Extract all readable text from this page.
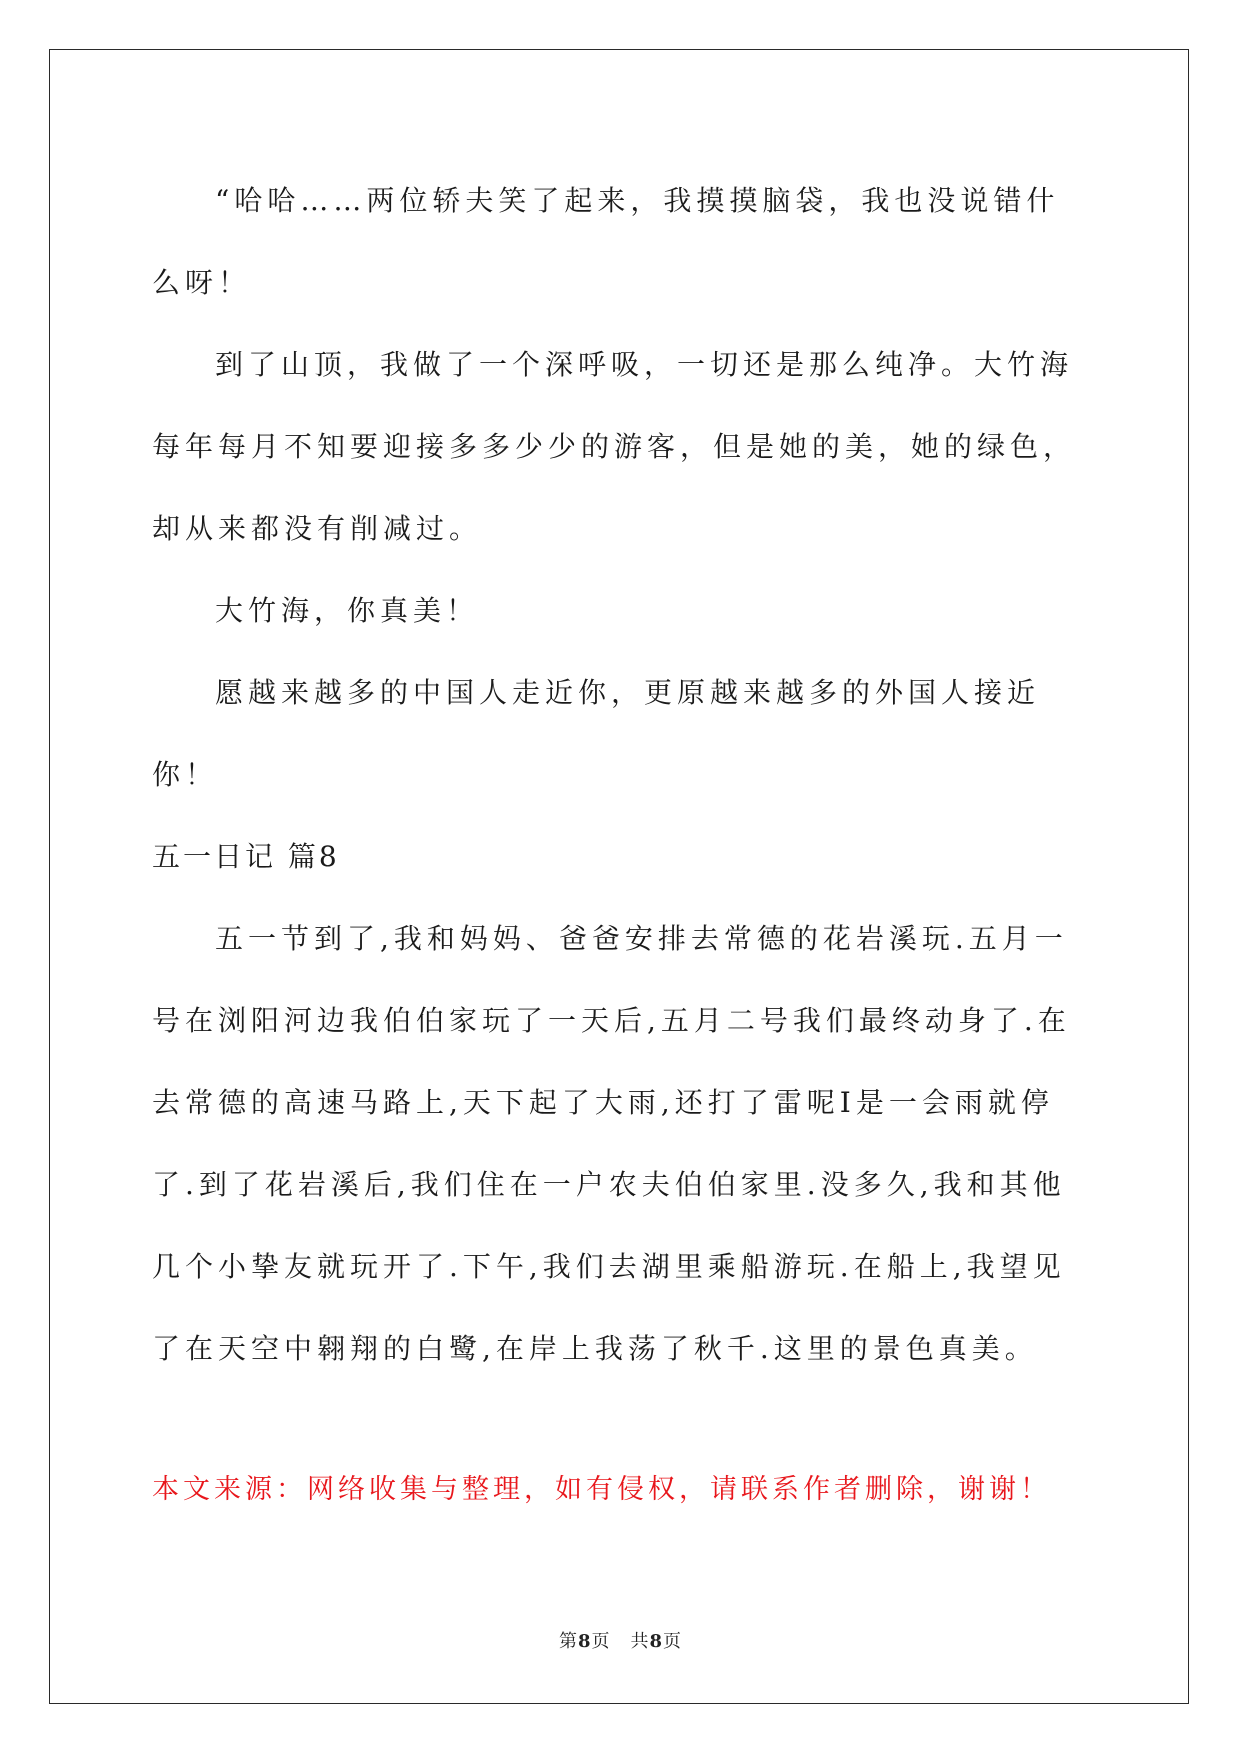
“哈哈……两位轿夫笑了起来，我摸摸脑袋，我也没说错什么呀！

到了山顶，我做了一个深呼吸，一切还是那么纯净。大竹海每年每月不知要迎接多多少少的游客，但是她的美，她的绿色，却从来都没有削减过。

大竹海，你真美！

愿越来越多的中国人走近你，更原越来越多的外国人接近你！

五一日记 篇8

五一节到了,我和妈妈、爸爸安排去常德的花岩溪玩.五月一号在浏阳河边我伯伯家玩了一天后,五月二号我们最终动身了.在去常德的高速马路上,天下起了大雨,还打了雷呢I是一会雨就停了.到了花岩溪后,我们住在一户农夫伯伯家里.没多久,我和其他几个小挚友就玩开了.下午,我们去湖里乘船游玩.在船上,我望见了在天空中翱翔的白鹭,在岸上我荡了秋千.这里的景色真美。

本文来源：网络收集与整理，如有侵权，请联系作者删除，谢谢！

第8页 共8页
